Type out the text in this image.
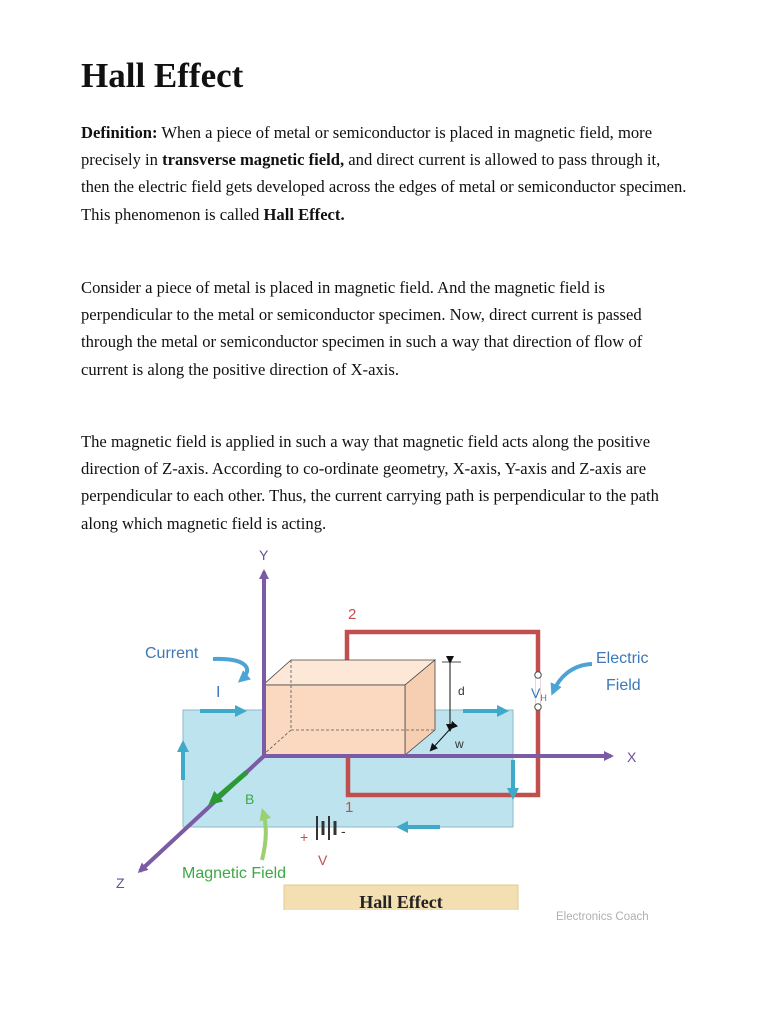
Hall Effect

Definition: When a piece of metal or semiconductor is placed in magnetic field, more precisely in transverse magnetic field, and direct current is allowed to pass through it, then the electric field gets developed across the edges of metal or semiconductor specimen. This phenomenon is called Hall Effect.

Consider a piece of metal is placed in magnetic field. And the magnetic field is perpendicular to the metal or semiconductor specimen. Now, direct current is passed through the metal or semiconductor specimen in such a way that direction of flow of current is along the positive direction of X-axis.

The magnetic field is applied in such a way that magnetic field acts along the positive direction of Z-axis. According to co-ordinate geometry, X-axis, Y-axis and Z-axis are perpendicular to each other. Thus, the current carrying path is perpendicular to the path along which magnetic field is acting.

d
w
Y
X
Z
B
$V_H$
2
1
Current
I
Electric
Field
+ -
V
Magnetic Field
Hall Effect
Electronics Coach
